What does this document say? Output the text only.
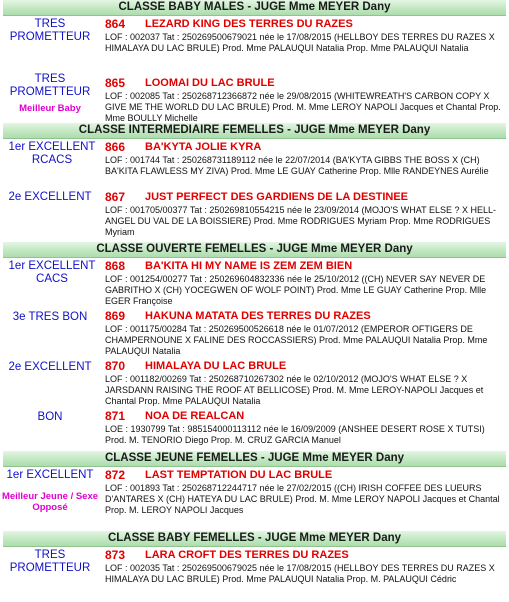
CLASSE BABY MALES - JUGE Mme MEYER Dany
TRES PROMETTEUR
864 LEZARD KING DES TERRES DU RAZES
LOF : 002037 Tat : 250269500679021 née le 17/08/2015 (HELLBOY DES TERRES DU RAZES X HIMALAYA DU LAC BRULE) Prod. Mme PALAUQUI Natalia Prop. Mme PALAUQUI Natalia
TRES PROMETTEUR
Meilleur Baby
865 LOOMAI DU LAC BRULE
LOF : 002085 Tat : 250268712366872 née le 29/08/2015 (WHITEWREATH'S CARBON COPY X GIVE ME THE WORLD DU LAC BRULE) Prod. M. Mme LEROY NAPOLI Jacques et Chantal Prop. Mme BOULLY Michelle
CLASSE INTERMEDIAIRE FEMELLES - JUGE Mme MEYER Dany
1er EXCELLENT RCACS
866 BA'KYTA JOLIE KYRA
LOF : 001744 Tat : 250268731189112 née le 22/07/2014 (BA'KYTA GIBBS THE BOSS X (CH) BA'KITA FLAWLESS MY ZIVA) Prod. Mme LE GUAY Catherine Prop. Mlle RANDEYNES Aurélie
2e EXCELLENT	867 JUST PERFECT DES GARDIENS DE LA DESTINEE
LOF : 001705/00377 Tat : 250269810554215 née le 23/09/2014 (MOJO'S WHAT ELSE ? X HELL-ANGEL DU VAL DE LA BOISSIERE) Prod. Mme RODRIGUES Myriam Prop. Mme RODRIGUES Myriam
CLASSE OUVERTE FEMELLES - JUGE Mme MEYER Dany
1er EXCELLENT CACS
868 BA'KITA HI MY NAME IS ZEM ZEM BIEN
LOF : 001254/00277 Tat : 250269604832336 née le 25/10/2012 ((CH) NEVER SAY NEVER DE GABRITHO X (CH) YOCEGWEN OF WOLF POINT) Prod. Mme LE GUAY Catherine Prop. Mlle EGER Françoise
3e TRES BON	869 HAKUNA MATATA DES TERRES DU RAZES
LOF : 001175/00284 Tat : 250269500526618 née le 01/07/2012 (EMPEROR OFTIGERS DE CHAMPERNOUNE X FALINE DES ROCCASSIERS) Prod. Mme PALAUQUI Natalia Prop. Mme PALAUQUI Natalia
2e EXCELLENT	870 HIMALAYA DU LAC BRULE
LOF : 001182/00269 Tat : 250268710267302 née le 02/10/2012 (MOJO'S WHAT ELSE ? X JARSDANN RAISING THE ROOF AT BELLICOSE) Prod. M. Mme LEROY-NAPOLI Jacques et Chantal Prop. Mme PALAUQUI Natalia
BON	871 NOA DE REALCAN
LOE : 1930799 Tat : 985154000113112 née le 16/09/2009 (ANSHEE DESERT ROSE X TUTSI) Prod. M. TENORIO Diego Prop. M. CRUZ GARCIA Manuel
CLASSE JEUNE FEMELLES - JUGE Mme MEYER Dany
1er EXCELLENT
Meilleur Jeune / Sexe Opposé
872 LAST TEMPTATION DU LAC BRULE
LOF : 001893 Tat : 250268712244717 née le 27/02/2015 ((CH) IRISH COFFEE DES LUEURS D'ANTARES X (CH) HATEYA DU LAC BRULE) Prod. M. Mme LEROY NAPOLI Jacques et Chantal Prop. M. LEROY NAPOLI Jacques
CLASSE BABY FEMELLES - JUGE Mme MEYER Dany
TRES PROMETTEUR
873 LARA CROFT DES TERRES DU RAZES
LOF : 002035 Tat : 250269500679025 née le 17/08/2015 (HELLBOY DES TERRES DU RAZES X HIMALAYA DU LAC BRULE) Prod. Mme PALAUQUI Natalia Prop. M. PALAUQUI Cédric
